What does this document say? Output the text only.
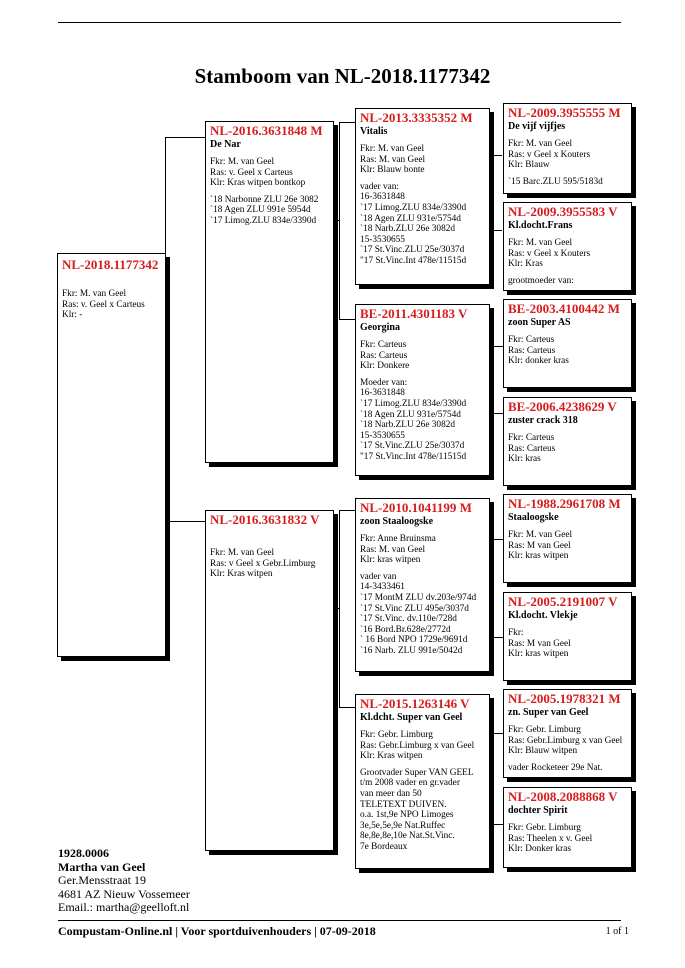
Stamboom van NL-2018.1177342
NL-2018.1177342
Fkr: M. van Geel
Ras: v. Geel x Carteus
Klr: -
NL-2016.3631848 M
De Nar
Fkr: M. van Geel
Ras: v. Geel x Carteus
Klr: Kras witpen bontkop
`18 Narbonne ZLU 26e 3082
`18 Agen ZLU 991e 5954d
`17 Limog.ZLU 834e/3390d
NL-2016.3631832 V
Fkr: M. van Geel
Ras: v Geel x Gebr.Limburg
Klr: Kras witpen
NL-2013.3335352 M
Vitalis
Fkr: M. van Geel
Ras: M. van Geel
Klr: Blauw bonte
vader van:
16-3631848
`17 Limog.ZLU 834e/3390d
`18 Agen ZLU 931e/5754d
`18 Narb.ZLU 26e 3082d
15-3530655
`17 St.Vinc.ZLU 25e/3037d
"17 St.Vinc.Int 478e/11515d
BE-2011.4301183 V
Georgina
Fkr: Carteus
Ras: Carteus
Klr: Donkere
Moeder van:
16-3631848
`17 Limog.ZLU 834e/3390d
`18 Agen ZLU 931e/5754d
`18 Narb.ZLU 26e 3082d
15-3530655
`17 St.Vinc.ZLU 25e/3037d
"17 St.Vinc.Int 478e/11515d
NL-2010.1041199 M
zoon Staaloogske
Fkr: Anne Bruinsma
Ras: M. van Geel
Klr: kras witpen
vader van
14-3433461
`17 MontM ZLU dv.203e/974d
`17 St.Vinc ZLU 495e/3037d
`17 St.Vinc. dv.110e/728d
`16 Bord.Br.628e/2772d
` 16 Bord NPO 1729e/9691d
`16 Narb. ZLU 991e/5042d
NL-2015.1263146 V
Kl.dcht. Super van Geel
Fkr: Gebr. Limburg
Ras: Gebr.Limburg x van Geel
Klr: Kras witpen
Grootvader Super VAN GEEL
t/m 2008 vader en gr.vader
van meer dan 50
TELETEXT DUIVEN.
o.a. 1st,9e NPO Limoges
3e,5e,5e,9e Nat.Ruffec
8e,8e,8e,10e Nat.St.Vinc.
7e Bordeaux
NL-2009.3955555 M
De vijf vijfjes
Fkr: M. van Geel
Ras: v Geel x Kouters
Klr: Blauw
`15 Barc.ZLU 595/5183d
NL-2009.3955583 V
Kl.docht.Frans
Fkr: M. van Geel
Ras: v Geel x Kouters
Klr: Kras
grootmoeder van:
BE-2003.4100442 M
zoon Super AS
Fkr: Carteus
Ras: Carteus
Klr: donker kras
BE-2006.4238629 V
zuster crack 318
Fkr: Carteus
Ras: Carteus
Klr: kras
NL-1988.2961708 M
Staaloogske
Fkr: M. van Geel
Ras: M van Geel
Klr: kras witpen
NL-2005.2191007 V
Kl.docht. Vlekje
Fkr:
Ras: M van Geel
Klr: kras witpen
NL-2005.1978321 M
zn. Super van Geel
Fkr: Gebr. Limburg
Ras: Gebr.Limburg x van Geel
Klr: Blauw witpen
vader Rocketeer 29e Nat.
NL-2008.2088868 V
dochter Spirit
Fkr: Gebr. Limburg
Ras: Theelen x v. Geel
Klr: Donker kras
1928.0006
Martha van Geel
Ger.Mensstraat 19
4681 AZ Nieuw Vossemeer
Email.: martha@geelloft.nl
Compustam-Online.nl | Voor sportduivenhouders | 07-09-2018	1 of 1
